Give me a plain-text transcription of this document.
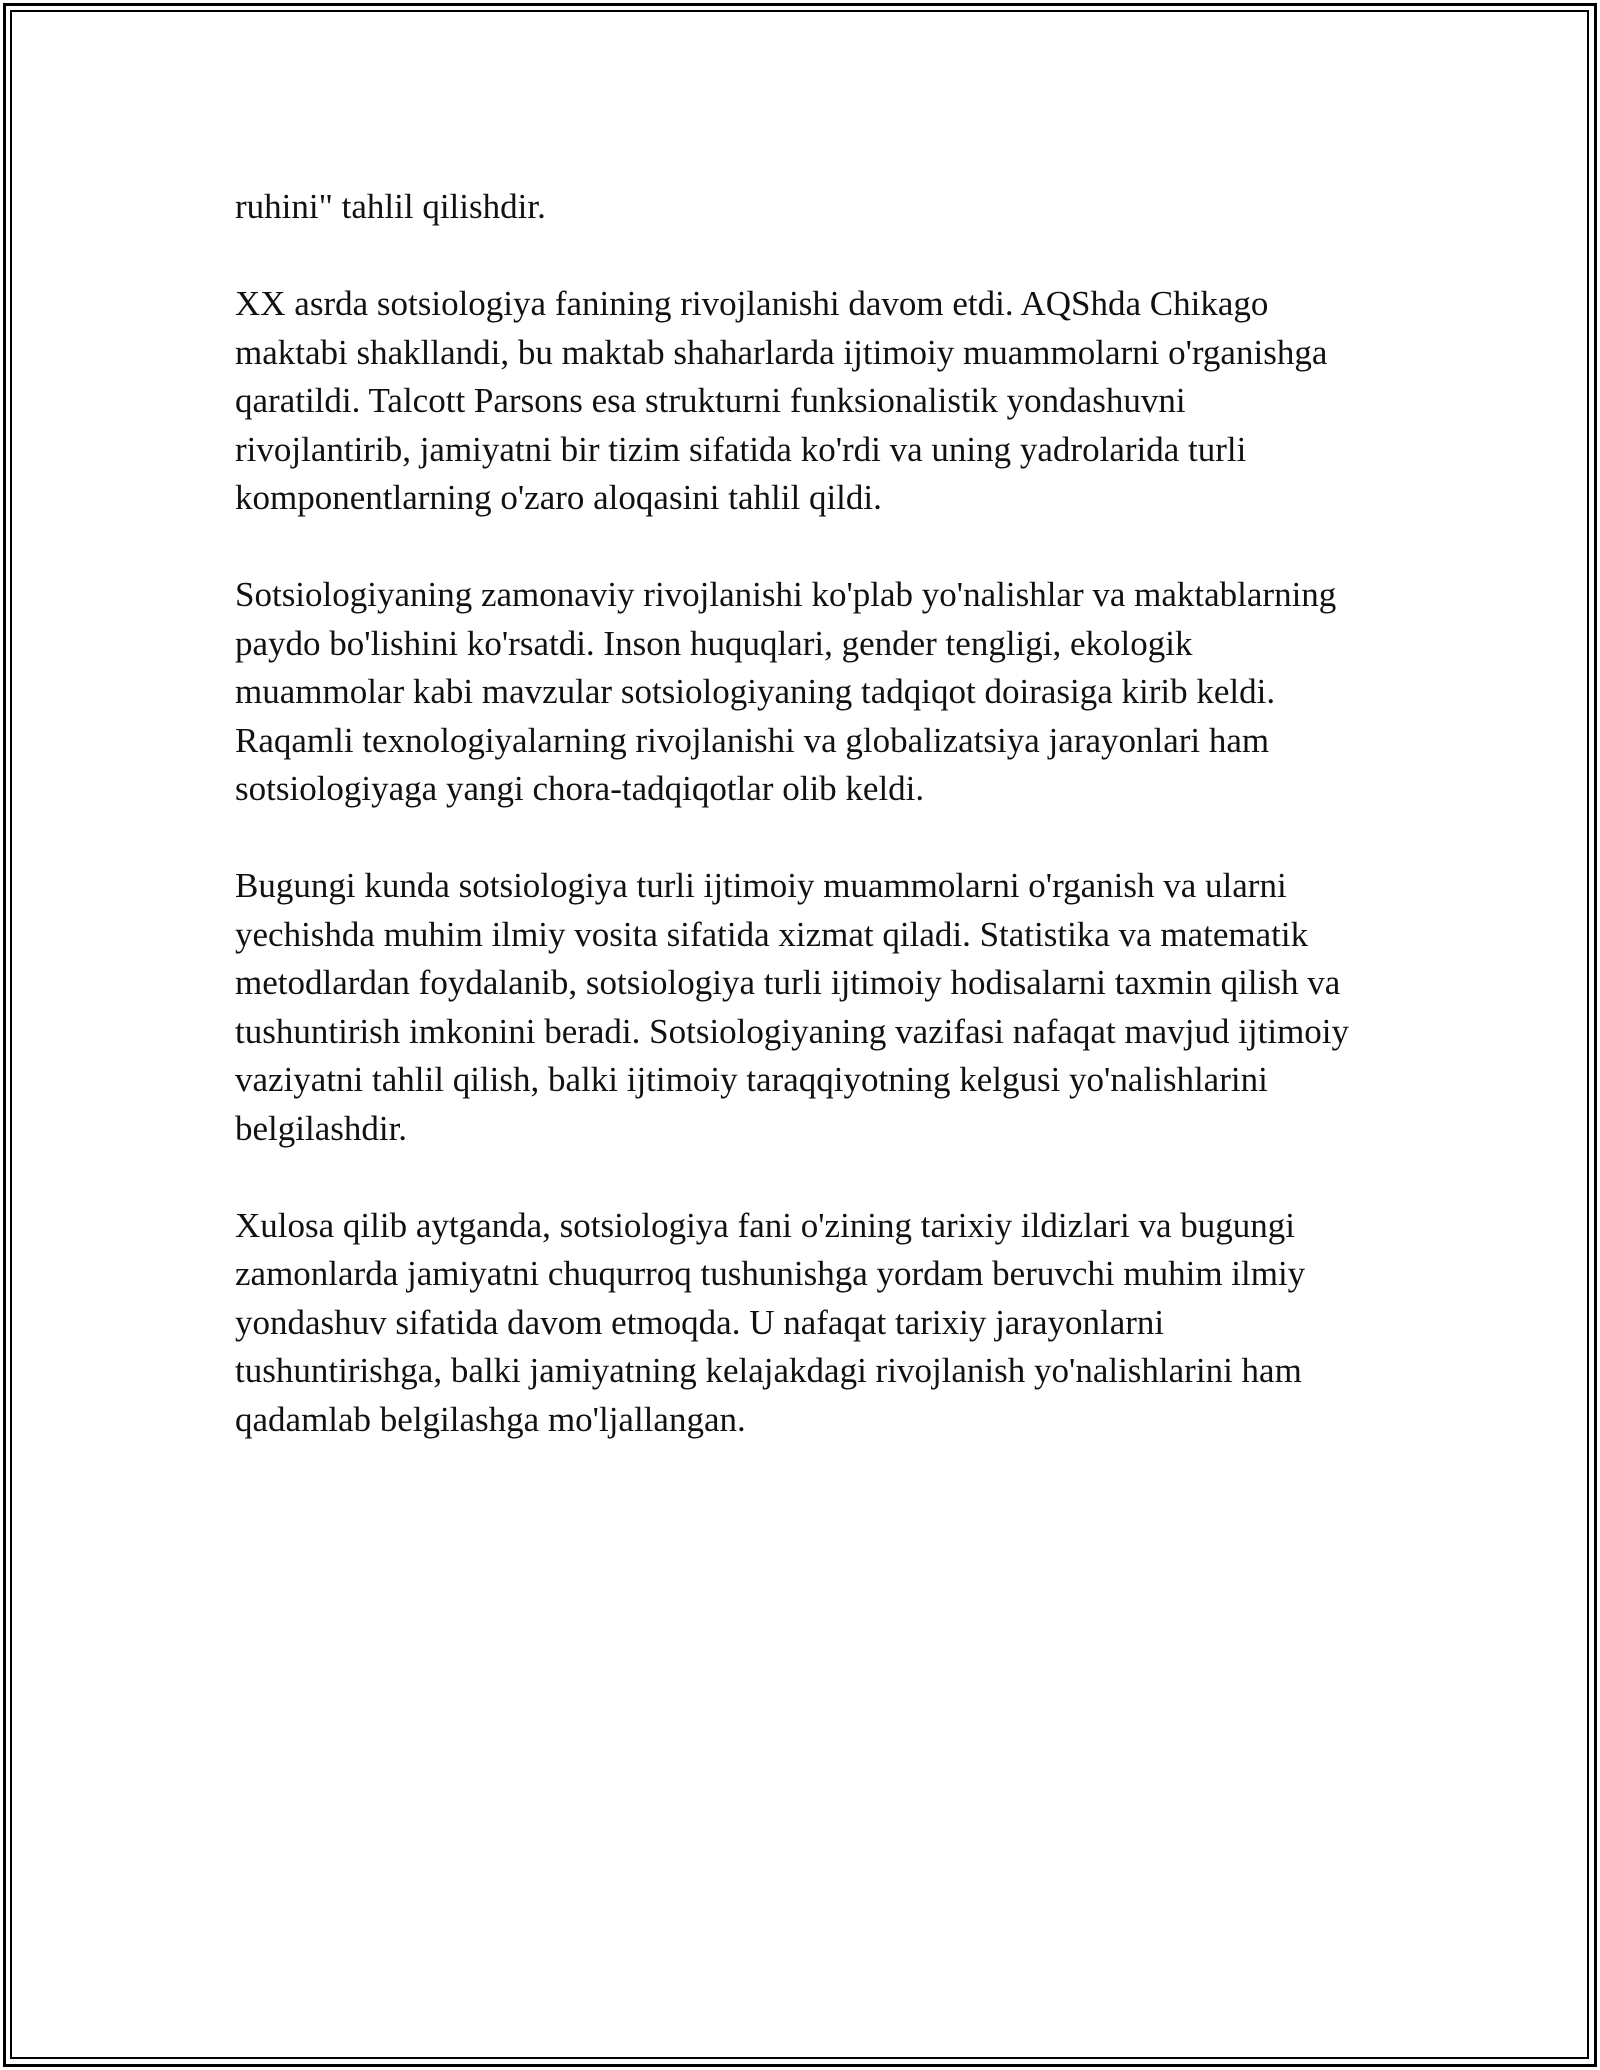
ruhini" tahlil qilishdir.

XX asrda sotsiologiya fanining rivojlanishi davom etdi. AQShda Chikago maktabi shakllandi, bu maktab shaharlarda ijtimoiy muammolarni o'rganishga qaratildi. Talcott Parsons esa strukturni funksionalistik yondashuvni rivojlantirib, jamiyatni bir tizim sifatida ko'rdi va uning yadrolarida turli komponentlarning o'zaro aloqasini tahlil qildi.

Sotsiologiyaning zamonaviy rivojlanishi ko'plab yo'nalishlar va maktablarning paydo bo'lishini ko'rsatdi. Inson huquqlari, gender tengligi, ekologik muammolar kabi mavzular sotsiologiyaning tadqiqot doirasiga kirib keldi. Raqamli texnologiyalarning rivojlanishi va globalizatsiya jarayonlari ham sotsiologiyaga yangi chora-tadqiqotlar olib keldi.

Bugungi kunda sotsiologiya turli ijtimoiy muammolarni o'rganish va ularni yechishda muhim ilmiy vosita sifatida xizmat qiladi. Statistika va matematik metodlardan foydalanib, sotsiologiya turli ijtimoiy hodisalarni taxmin qilish va tushuntirish imkonini beradi. Sotsiologiyaning vazifasi nafaqat mavjud ijtimoiy vaziyatni tahlil qilish, balki ijtimoiy taraqqiyotning kelgusi yo'nalishlarini belgilashdir.

Xulosa qilib aytganda, sotsiologiya fani o'zining tarixiy ildizlari va bugungi zamonlarda jamiyatni chuqurroq tushunishga yordam beruvchi muhim ilmiy yondashuv sifatida davom etmoqda. U nafaqat tarixiy jarayonlarni tushuntirishga, balki jamiyatning kelajakdagi rivojlanish yo'nalishlarini ham qadamlab belgilashga mo'ljallangan.
